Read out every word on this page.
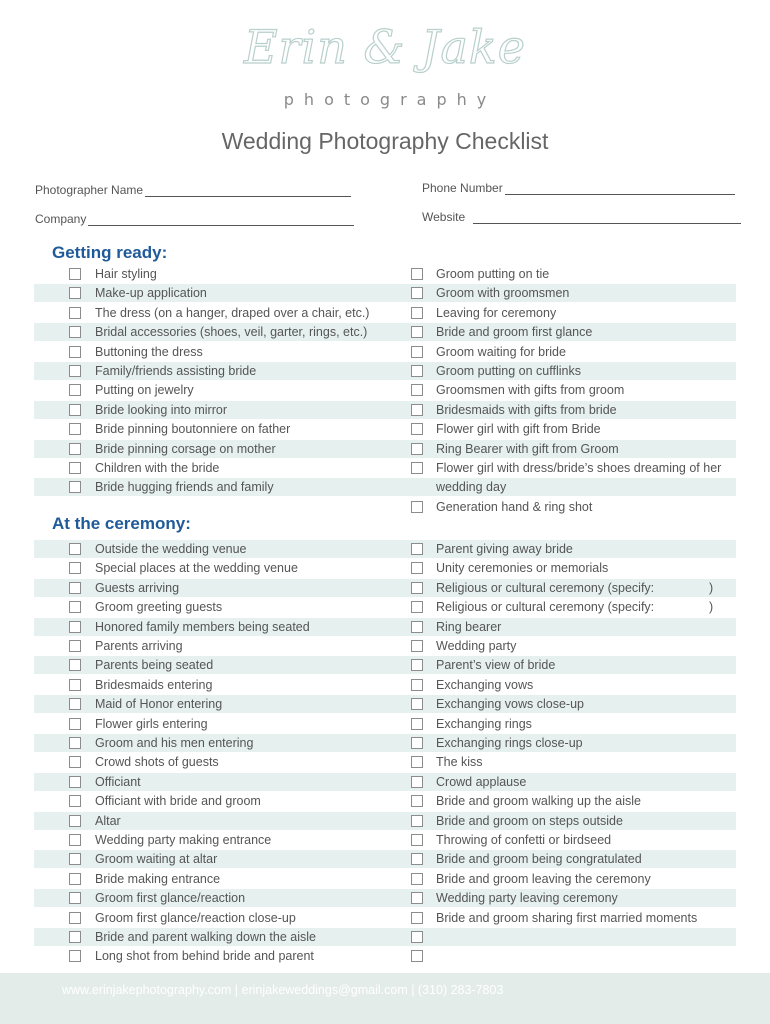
Erin & Jake
photography
Wedding Photography Checklist
Photographer Name
Company
Phone Number
Website
Getting ready:
At the ceremony:
Hair styling
Make-up application
The dress (on a hanger, draped over a chair, etc.)
Bridal accessories (shoes, veil, garter, rings, etc.)
Buttoning the dress
Family/friends assisting bride
Putting on jewelry
Bride looking into mirror
Bride pinning boutonniere on father
Bride pinning corsage on mother
Children with the bride
Bride hugging friends and family
Groom putting on tie
Groom with groomsmen
Leaving for ceremony
Bride and groom first glance
Groom waiting for bride
Groom putting on cufflinks
Groomsmen with gifts from groom
Bridesmaids with gifts from bride
Flower girl with gift from Bride
Ring Bearer with gift from Groom
Flower girl with dress/bride’s shoes dreaming of her
wedding day
Generation hand & ring shot
Outside the wedding venue
Special places at the wedding venue
Guests arriving
Groom greeting guests
Honored family members being seated
Parents arriving
Parents being seated
Bridesmaids entering
Maid of Honor entering
Flower girls entering
Groom and his men entering
Crowd shots of guests
Officiant
Officiant with bride and groom
Altar
Wedding party making entrance
Groom waiting at altar
Bride making entrance
Groom first glance/reaction
Groom first glance/reaction close-up
Bride and parent walking down the aisle
Long shot from behind bride and parent
Parent giving away bride
Unity ceremonies or memorials
Religious or cultural ceremony (specify:	)
Religious or cultural ceremony (specify:	)
Ring bearer
Wedding party
Parent’s view of bride
Exchanging vows
Exchanging vows close-up
Exchanging rings
Exchanging rings close-up
The kiss
Crowd applause
Bride and groom walking up the aisle
Bride and groom on steps outside
Throwing of confetti or birdseed
Bride and groom being congratulated
Bride and groom leaving the ceremony
Wedding party leaving ceremony
Bride and groom sharing first married moments
www.erinjakephotography.com | erinjakeweddings@gmail.com | (310) 283-7803
